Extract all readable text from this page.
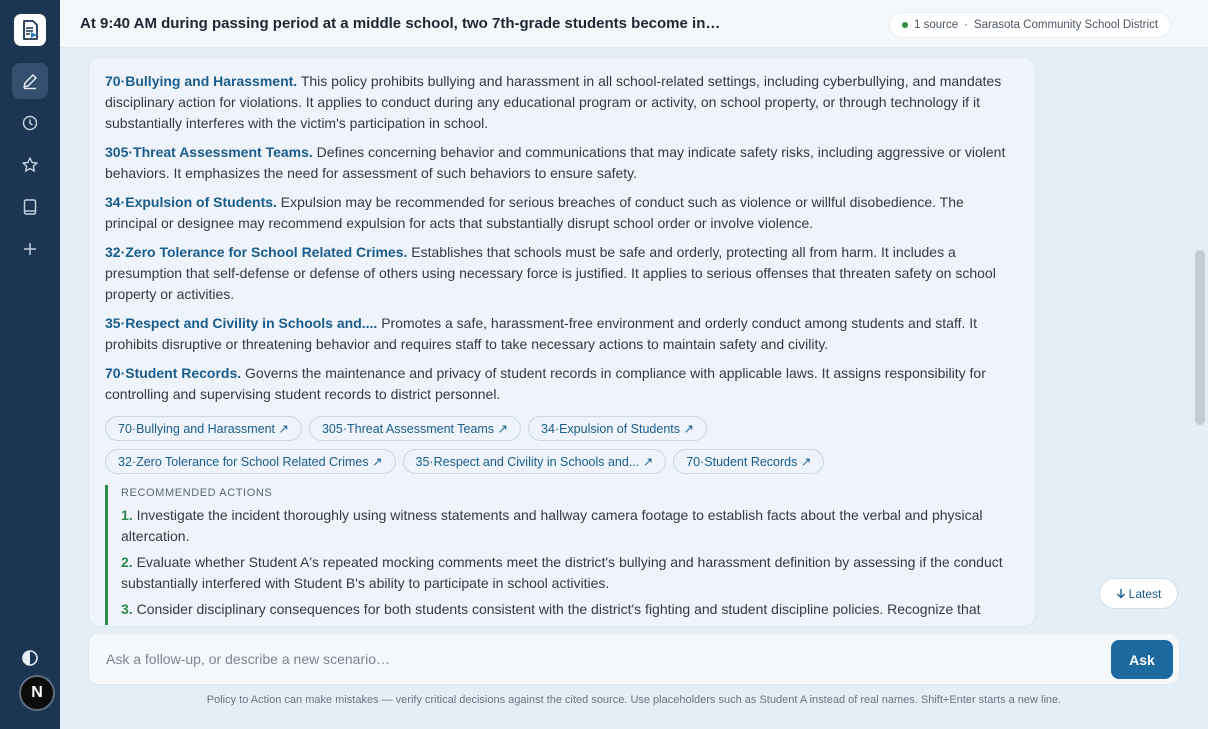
N
At 9:40 AM during passing period at a middle school, two 7th-grade students become in…	1 source · Sarasota Community School District

70·Bullying and Harassment. This policy prohibits bullying and harassment in all school-related settings, including cyberbullying, and mandates disciplinary action for violations. It applies to conduct during any educational program or activity, on school property, or through technology if it substantially interferes with the victim's participation in school.

305·Threat Assessment Teams. Defines concerning behavior and communications that may indicate safety risks, including aggressive or violent behaviors. It emphasizes the need for assessment of such behaviors to ensure safety.

34·Expulsion of Students. Expulsion may be recommended for serious breaches of conduct such as violence or willful disobedience. The principal or designee may recommend expulsion for acts that substantially disrupt school order or involve violence.

32·Zero Tolerance for School Related Crimes. Establishes that schools must be safe and orderly, protecting all from harm. It includes a presumption that self-defense or defense of others using necessary force is justified. It applies to serious offenses that threaten safety on school property or activities.

35·Respect and Civility in Schools and.... Promotes a safe, harassment-free environment and orderly conduct among students and staff. It prohibits disruptive or threatening behavior and requires staff to take necessary actions to maintain safety and civility.

70·Student Records. Governs the maintenance and privacy of student records in compliance with applicable laws. It assigns responsibility for controlling and supervising student records to district personnel.

70·Bullying and Harassment ↗	305·Threat Assessment Teams ↗	34·Expulsion of Students ↗
32·Zero Tolerance for School Related Crimes ↗	35·Respect and Civility in Schools and... ↗	70·Student Records ↗
RECOMMENDED ACTIONS

1. Investigate the incident thoroughly using witness statements and hallway camera footage to establish facts about the verbal and physical altercation.

2. Evaluate whether Student A's repeated mocking comments meet the district's bullying and harassment definition by assessing if the conduct substantially interfered with Student B's ability to participate in school activities.

3. Consider disciplinary consequences for both students consistent with the district's fighting and student discipline policies. Recognize that

Latest
Ask a follow-up, or describe a new scenario…
Ask
Policy to Action can make mistakes — verify critical decisions against the cited source. Use placeholders such as Student A instead of real names. Shift+Enter starts a new line.
